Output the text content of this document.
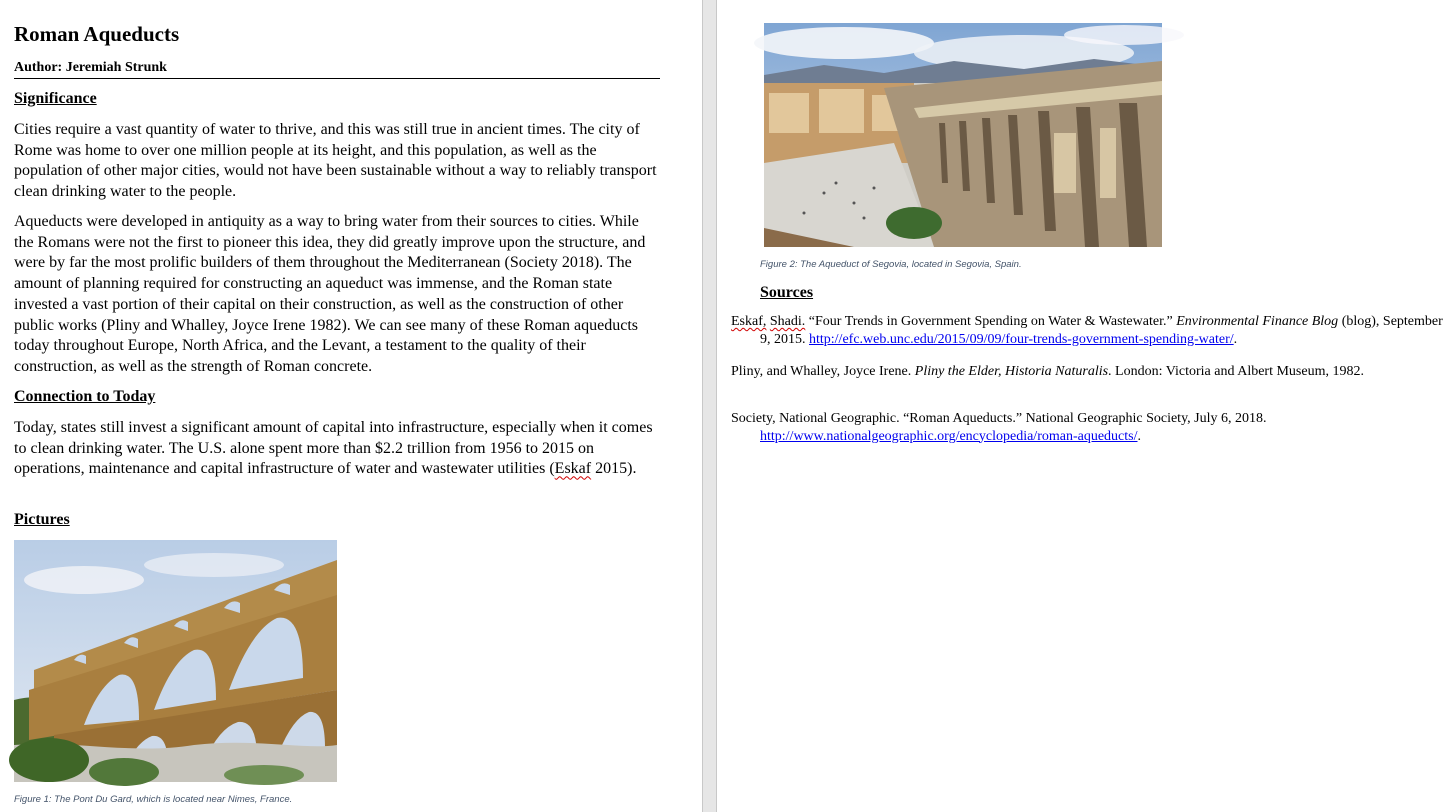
Roman Aqueducts
Author: Jeremiah Strunk
Significance

Cities require a vast quantity of water to thrive, and this was still true in ancient times. The city of Rome was home to over one million people at its height, and this population, as well as the population of other major cities, would not have been sustainable without a way to reliably transport clean drinking water to the people.

Aqueducts were developed in antiquity as a way to bring water from their sources to cities. While the Romans were not the first to pioneer this idea, they did greatly improve upon the structure, and were by far the most prolific builders of them throughout the Mediterranean (Society 2018). The amount of planning required for constructing an aqueduct was immense, and the Roman state invested a vast portion of their capital on their construction, as well as the construction of other public works (Pliny and Whalley, Joyce Irene 1982). We can see many of these Roman aqueducts today throughout Europe, North Africa, and the Levant, a testament to the quality of their construction, as well as the strength of Roman concrete.

Connection to Today

Today, states still invest a significant amount of capital into infrastructure, especially when it comes to clean drinking water. The U.S. alone spent more than $2.2 trillion from 1956 to 2015 on operations, maintenance and capital infrastructure of water and wastewater utilities (Eskaf 2015).

Pictures
Figure 1: The Pont Du Gard, which is located near Nimes, France.
Figure 2: The Aqueduct of Segovia, located in Segovia, Spain.
Sources

Eskaf, Shadi. “Four Trends in Government Spending on Water & Wastewater.” Environmental Finance Blog (blog), September 9, 2015. http://efc.web.unc.edu/2015/09/09/four-trends-government-spending-water/.

Pliny, and Whalley, Joyce Irene. Pliny the Elder, Historia Naturalis. London: Victoria and Albert Museum, 1982.

Society, National Geographic. “Roman Aqueducts.” National Geographic Society, July 6, 2018. http://www.nationalgeographic.org/encyclopedia/roman-aqueducts/.
